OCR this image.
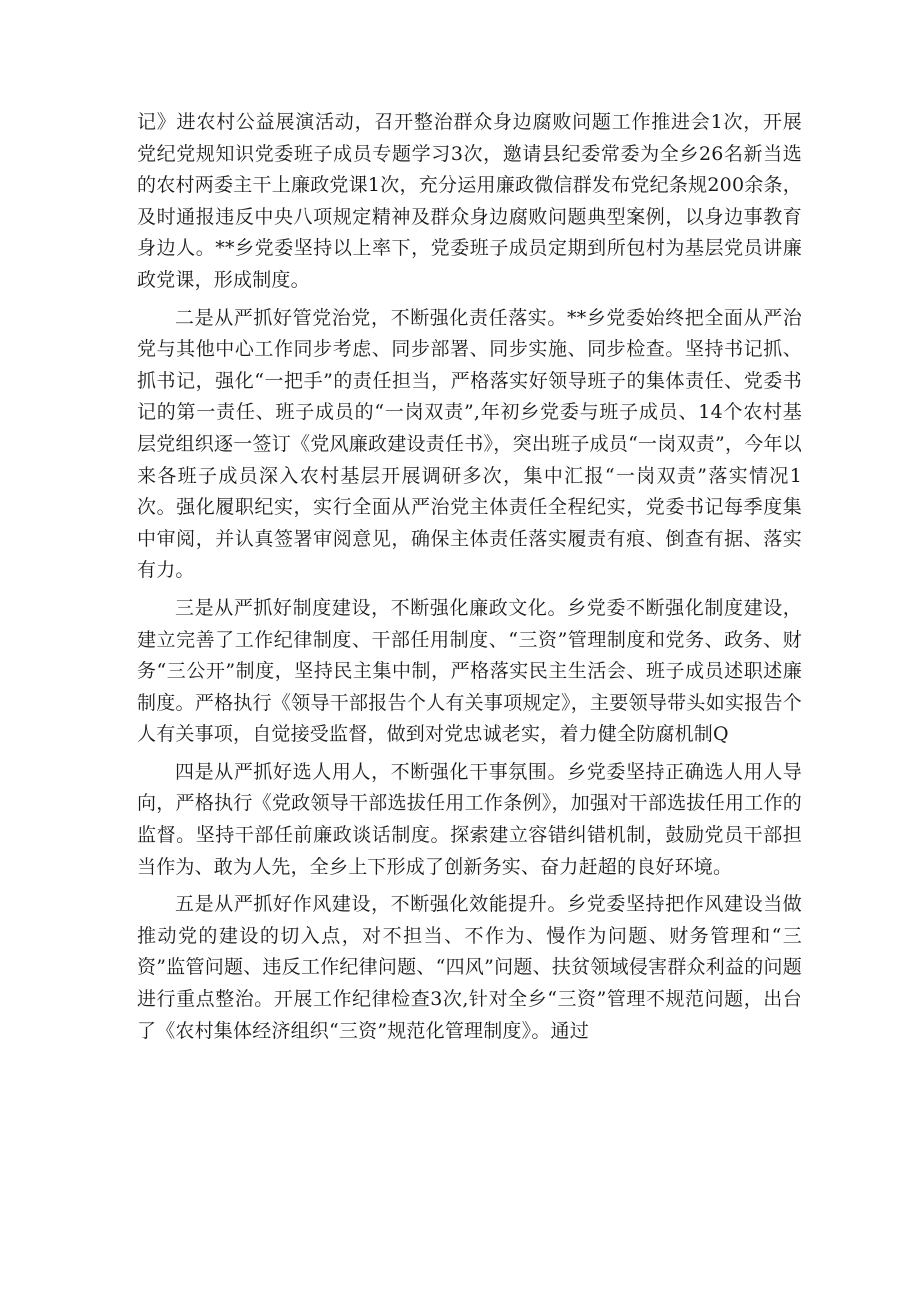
记》进农村公益展演活动，召开整治群众身边腐败问题工作推进会1次，开展党纪党规知识党委班子成员专题学习3次，邀请县纪委常委为全乡26名新当选的农村两委主干上廉政党课1次，充分运用廉政微信群发布党纪条规200余条，及时通报违反中央八项规定精神及群众身边腐败问题典型案例，以身边事教育身边人。**乡党委坚持以上率下，党委班子成员定期到所包村为基层党员讲廉政党课，形成制度。

二是从严抓好管党治党，不断强化责任落实。**乡党委始终把全面从严治党与其他中心工作同步考虑、同步部署、同步实施、同步检查。坚持书记抓、抓书记，强化“一把手”的责任担当，严格落实好领导班子的集体责任、党委书记的第一责任、班子成员的“一岗双责”,年初乡党委与班子成员、14个农村基层党组织逐一签订《党风廉政建设责任书》，突出班子成员“一岗双责”，今年以来各班子成员深入农村基层开展调研多次，集中汇报“一岗双责”落实情况1次。强化履职纪实，实行全面从严治党主体责任全程纪实，党委书记每季度集中审阅，并认真签署审阅意见，确保主体责任落实履责有痕、倒查有据、落实有力。

三是从严抓好制度建设，不断强化廉政文化。乡党委不断强化制度建设，建立完善了工作纪律制度、干部任用制度、“三资”管理制度和党务、政务、财务“三公开”制度，坚持民主集中制，严格落实民主生活会、班子成员述职述廉制度。严格执行《领导干部报告个人有关事项规定》，主要领导带头如实报告个人有关事项，自觉接受监督，做到对党忠诚老实，着力健全防腐机制Q

四是从严抓好选人用人，不断强化干事氛围。乡党委坚持正确选人用人导向，严格执行《党政领导干部选拔任用工作条例》，加强对干部选拔任用工作的监督。坚持干部任前廉政谈话制度。探索建立容错纠错机制，鼓励党员干部担当作为、敢为人先，全乡上下形成了创新务实、奋力赶超的良好环境。

五是从严抓好作风建设，不断强化效能提升。乡党委坚持把作风建设当做推动党的建设的切入点，对不担当、不作为、慢作为问题、财务管理和“三资”监管问题、违反工作纪律问题、“四风”问题、扶贫领域侵害群众利益的问题进行重点整治。开展工作纪律检查3次,针对全乡“三资”管理不规范问题，出台了《农村集体经济组织“三资”规范化管理制度》。通过
